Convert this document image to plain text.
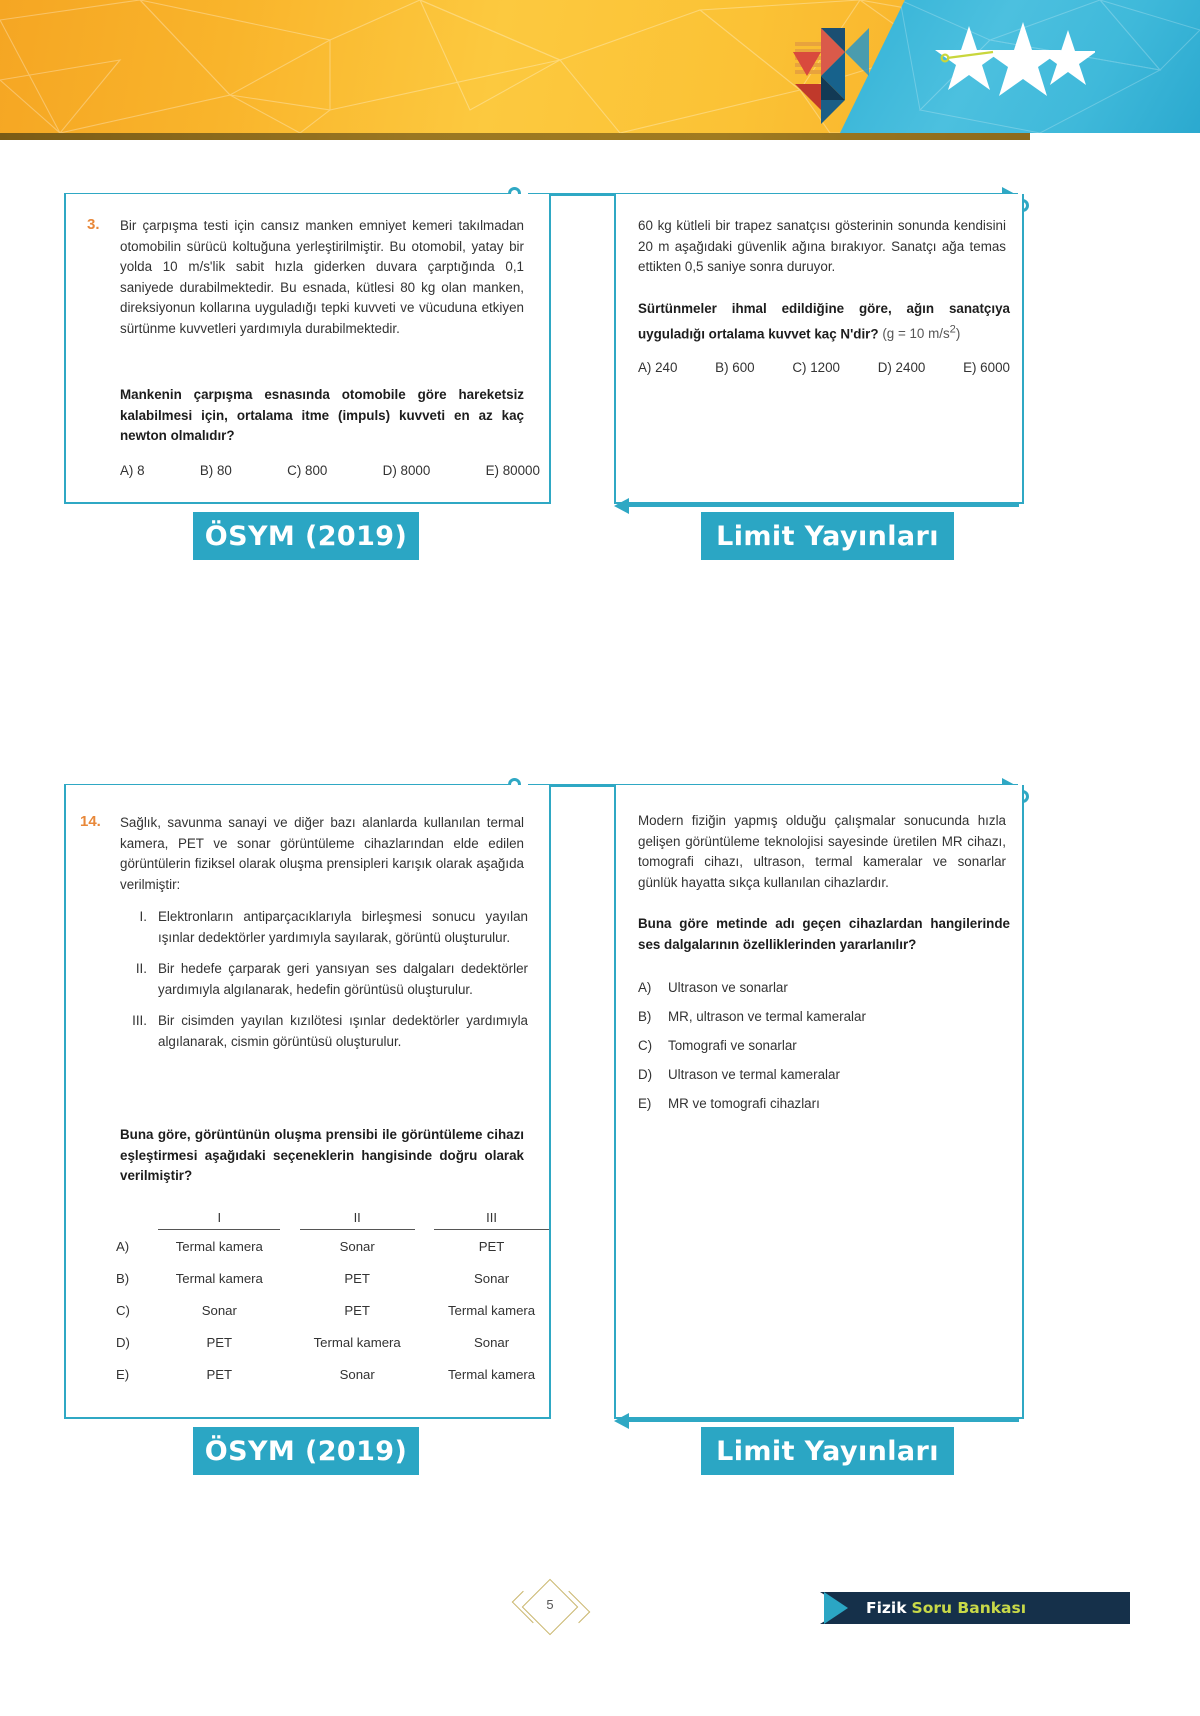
3. Bir çarpışma testi için cansız manken emniyet kemeri takılmadan otomobilin sürücü koltuğuna yerleştirilmiştir. Bu otomobil, yatay bir yolda 10 m/s'lik sabit hızla giderken duvara çarptığında 0,1 saniyede durabilmektedir. Bu esnada, kütlesi 80 kg olan manken, direksiyonun kollarına uyguladığı tepki kuvveti ve vücuduna etkiyen sürtünme kuvvetleri yardımıyla durabilmektedir.
Mankenin çarpışma esnasında otomobile göre hareketsiz kalabilmesi için, ortalama itme (impuls) kuvveti en az kaç newton olmalıdır?
A) 8	B) 80	C) 800	D) 8000	E) 80000
60 kg kütleli bir trapez sanatçısı gösterinin sonunda kendisini 20 m aşağıdaki güvenlik ağına bırakıyor. Sanatçı ağa temas ettikten 0,5 saniye sonra duruyor.
Sürtünmeler ihmal edildiğine göre, ağın sanatçıya uyguladığı ortalama kuvvet kaç N'dir? (g = 10 $m/s^2$)
A) 240	B) 600	C) 1200	D) 2400	E) 6000
ÖSYM (2019)	Limit Yayınları
14. Sağlık, savunma sanayi ve diğer bazı alanlarda kullanılan termal kamera, PET ve sonar görüntüleme cihazlarından elde edilen görüntülerin fiziksel olarak oluşma prensipleri karışık olarak aşağıda verilmiştir:
I. Elektronların antiparçacıklarıyla birleşmesi sonucu yayılan ışınlar dedektörler yardımıyla sayılarak, görüntü oluşturulur.
II. Bir hedefe çarparak geri yansıyan ses dalgaları dedektörler yardımıyla algılanarak, hedefin görüntüsü oluşturulur.
III. Bir cisimden yayılan kızılötesi ışınlar dedektörler yardımıyla algılanarak, cismin görüntüsü oluşturulur.
Buna göre, görüntünün oluşma prensibi ile görüntüleme cihazı eşleştirmesi aşağıdaki seçeneklerin hangisinde doğru olarak verilmiştir?
	I		II		III
A)	Termal kamera		Sonar		PET
B)	Termal kamera		PET		Sonar
C)	Sonar		PET		Termal kamera
D)	PET		Termal kamera		Sonar
E)	PET		Sonar		Termal kamera
Modern fiziğin yapmış olduğu çalışmalar sonucunda hızla gelişen görüntüleme teknolojisi sayesinde üretilen MR cihazı, tomografi cihazı, ultrason, termal kameralar ve sonarlar günlük hayatta sıkça kullanılan cihazlardır.
Buna göre metinde adı geçen cihazlardan hangilerinde ses dalgalarının özelliklerinden yararlanılır?
A) Ultrason ve sonarlar
B) MR, ultrason ve termal kameralar
C) Tomografi ve sonarlar
D) Ultrason ve termal kameralar
E) MR ve tomografi cihazları
ÖSYM (2019)	Limit Yayınları
5	Fizik Soru Bankası
